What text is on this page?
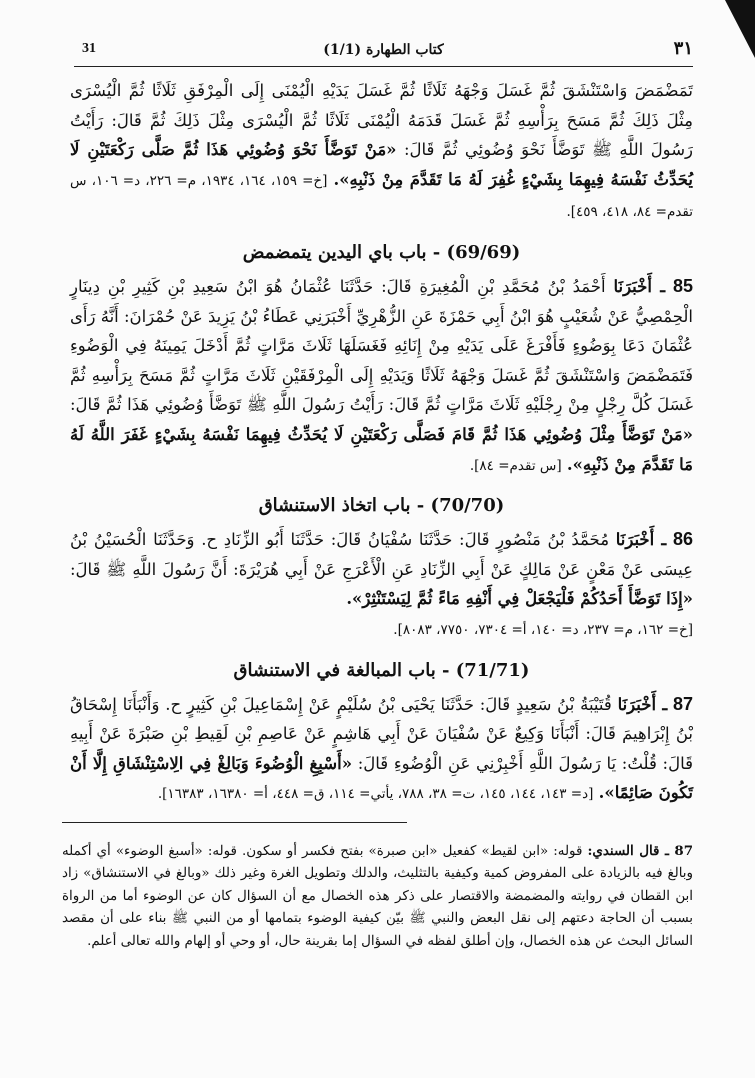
٣١
(1/1) كتاب الطهارة
31

تَمَضْمَضَ وَاسْتَنْشَقَ ثُمَّ غَسَلَ وَجْهَهُ ثَلَاثًا ثُمَّ غَسَلَ يَدَيْهِ الْيُمْنَى إِلَى الْمِرْفَقِ ثَلَاثًا ثُمَّ الْيُسْرَى مِثْلَ ذَلِكَ ثُمَّ مَسَحَ بِرَأْسِهِ ثُمَّ غَسَلَ قَدَمَهُ الْيُمْنَى ثَلَاثًا ثُمَّ الْيُسْرَى مِثْلَ ذَلِكَ ثُمَّ قَالَ: رَأَيْتُ رَسُولَ اللَّهِ ﷺ تَوَضَّأَ نَحْوَ وُضُوئِي ثُمَّ قَالَ: «مَنْ تَوَضَّأَ نَحْوَ وُضُوئِي هَذَا ثُمَّ صَلَّى رَكْعَتَيْنِ لَا يُحَدِّثُ نَفْسَهُ فِيهِمَا بِشَيْءٍ غُفِرَ لَهُ مَا تَقَدَّمَ مِنْ ذَنْبِهِ». [خ= ١٥٩، ١٦٤، ١٩٣٤، م= ٢٢٦، د= ١٠٦، س تقدم= ٨٤، ٤١٨، ٤٥٩].

(69/69) - باب باي اليدين يتمضمض

85 ـ أَخْبَرَنَا أَحْمَدُ بْنُ مُحَمَّدِ بْنِ الْمُغِيرَةِ قَالَ: حَدَّثَنَا عُثْمَانُ هُوَ ابْنُ سَعِيدِ بْنِ كَثِيرِ بْنِ دِينَارٍ الْحِمْصِيُّ عَنْ شُعَيْبٍ هُوَ ابْنُ أَبِي حَمْزَةَ عَنِ الزُّهْرِيِّ أَخْبَرَنِي عَطَاءُ بْنُ يَزِيدَ عَنْ حُمْرَانَ: أَنَّهُ رَأَى عُثْمَانَ دَعَا بِوَضُوءٍ فَأَفْرَغَ عَلَى يَدَيْهِ مِنْ إِنَائِهِ فَغَسَلَهَا ثَلَاثَ مَرَّاتٍ ثُمَّ أَدْخَلَ يَمِينَهُ فِي الْوَضُوءِ فَتَمَضْمَضَ وَاسْتَنْشَقَ ثُمَّ غَسَلَ وَجْهَهُ ثَلَاثًا وَيَدَيْهِ إِلَى الْمِرْفَقَيْنِ ثَلَاثَ مَرَّاتٍ ثُمَّ مَسَحَ بِرَأْسِهِ ثُمَّ غَسَلَ كُلَّ رِجْلٍ مِنْ رِجْلَيْهِ ثَلَاثَ مَرَّاتٍ ثُمَّ قَالَ: رَأَيْتُ رَسُولَ اللَّهِ ﷺ تَوَضَّأَ وُضُوئِي هَذَا ثُمَّ قَالَ: «مَنْ تَوَضَّأَ مِثْلَ وُضُوئِي هَذَا ثُمَّ قَامَ فَصَلَّى رَكْعَتَيْنِ لَا يُحَدِّثُ فِيهِمَا نَفْسَهُ بِشَيْءٍ غَفَرَ اللَّهُ لَهُ مَا تَقَدَّمَ مِنْ ذَنْبِهِ». [س تقدم= ٨٤].

(70/70) - باب اتخاذ الاستنشاق

86 ـ أَخْبَرَنَا مُحَمَّدُ بْنُ مَنْصُورٍ قَالَ: حَدَّثَنَا سُفْيَانُ قَالَ: حَدَّثَنَا أَبُو الزِّنَادِ ح. وَحَدَّثَنَا الْحُسَيْنُ بْنُ عِيسَى عَنْ مَعْنٍ عَنْ مَالِكٍ عَنْ أَبِي الزِّنَادِ عَنِ الْأَعْرَجِ عَنْ أَبِي هُرَيْرَةَ: أَنَّ رَسُولَ اللَّهِ ﷺ قَالَ: «إِذَا تَوَضَّأَ أَحَدُكُمْ فَلْيَجْعَلْ فِي أَنْفِهِ مَاءً ثُمَّ لِيَسْتَنْثِرْ».
[خ= ١٦٢، م= ٢٣٧، د= ١٤٠، أ= ٧٣٠٤، ٧٧٥٠، ٨٠٨٣].

(71/71) - باب المبالغة في الاستنشاق

87 ـ أَخْبَرَنَا قُتَيْبَةُ بْنُ سَعِيدٍ قَالَ: حَدَّثَنَا يَحْيَى بْنُ سُلَيْمٍ عَنْ إِسْمَاعِيلَ بْنِ كَثِيرٍ ح. وَأَنْبَأَنَا إِسْحَاقُ بْنُ إِبْرَاهِيمَ قَالَ: أَنْبَأَنَا وَكِيعٌ عَنْ سُفْيَانَ عَنْ أَبِي هَاشِمٍ عَنْ عَاصِمِ بْنِ لَقِيطِ بْنِ صَبْرَةَ عَنْ أَبِيهِ قَالَ: قُلْتُ: يَا رَسُولَ اللَّهِ أَخْبِرْنِي عَنِ الْوُضُوءِ قَالَ: «أَسْبِغِ الْوُضُوءَ وَبَالِغْ فِي الِاسْتِنْشَاقِ إِلَّا أَنْ تَكُونَ صَائِمًا». [د= ١٤٣، ١٤٤، ١٤٥، ت= ٣٨، ٧٨٨، يأتي= ١١٤، ق= ٤٤٨، أ= ١٦٣٨٠، ١٦٣٨٣].

87 ـ قال السندي: قوله: «ابن لقيط» كفعيل «ابن صبرة» بفتح فكسر أو سكون. قوله: «أسبغ الوضوء» أي أكمله وبالغ فيه بالزيادة على المفروض كمية وكيفية بالتثليث، والدلك وتطويل الغرة وغير ذلك «وبالغ في الاستنشاق» زاد ابن القطان في روايته والمضمضة والاقتصار على ذكر هذه الخصال مع أن السؤال كان عن الوضوء أما من الرواة بسبب أن الحاجة دعتهم إلى نقل البعض والنبي ﷺ بيّن كيفية الوضوء بتمامها أو من النبي ﷺ بناء على أن مقصد السائل البحث عن هذه الخصال، وإن أطلق لفظه في السؤال إما بقرينة حال، أو وحي أو إلهام والله تعالى أعلم.
